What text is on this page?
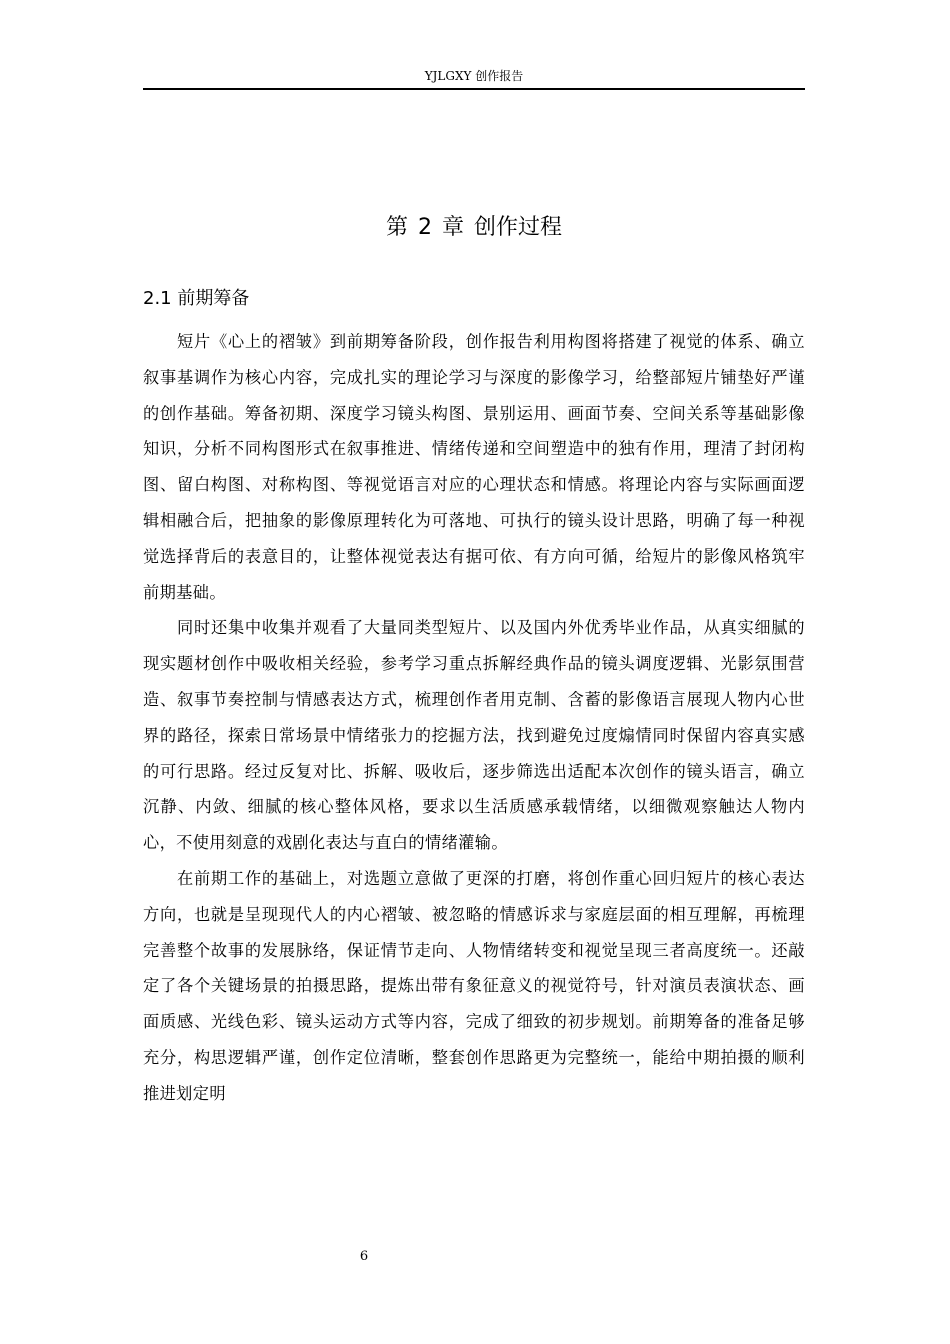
YJLGXY 创作报告
第 2 章 创作过程
2.1 前期筹备

短片《心上的褶皱》到前期筹备阶段，创作报告利用构图将搭建了视觉的体系、确立叙事基调作为核心内容，完成扎实的理论学习与深度的影像学习，给整部短片铺垫好严谨的创作基础。筹备初期、深度学习镜头构图、景别运用、画面节奏、空间关系等基础影像知识，分析不同构图形式在叙事推进、情绪传递和空间塑造中的独有作用，理清了封闭构图、留白构图、对称构图、等视觉语言对应的心理状态和情感。将理论内容与实际画面逻辑相融合后，把抽象的影像原理转化为可落地、可执行的镜头设计思路，明确了每一种视觉选择背后的表意目的，让整体视觉表达有据可依、有方向可循，给短片的影像风格筑牢前期基础。

同时还集中收集并观看了大量同类型短片、以及国内外优秀毕业作品，从真实细腻的现实题材创作中吸收相关经验，参考学习重点拆解经典作品的镜头调度逻辑、光影氛围营造、叙事节奏控制与情感表达方式，梳理创作者用克制、含蓄的影像语言展现人物内心世界的路径，探索日常场景中情绪张力的挖掘方法，找到避免过度煽情同时保留内容真实感的可行思路。经过反复对比、拆解、吸收后，逐步筛选出适配本次创作的镜头语言，确立沉静、内敛、细腻的核心整体风格，要求以生活质感承载情绪，以细微观察触达人物内心，不使用刻意的戏剧化表达与直白的情绪灌输。

在前期工作的基础上，对选题立意做了更深的打磨，将创作重心回归短片的核心表达方向，也就是呈现现代人的内心褶皱、被忽略的情感诉求与家庭层面的相互理解，再梳理完善整个故事的发展脉络，保证情节走向、人物情绪转变和视觉呈现三者高度统一。还敲定了各个关键场景的拍摄思路，提炼出带有象征意义的视觉符号，针对演员表演状态、画面质感、光线色彩、镜头运动方式等内容，完成了细致的初步规划。前期筹备的准备足够充分，构思逻辑严谨，创作定位清晰，整套创作思路更为完整统一，能给中期拍摄的顺利推进划定明

6
